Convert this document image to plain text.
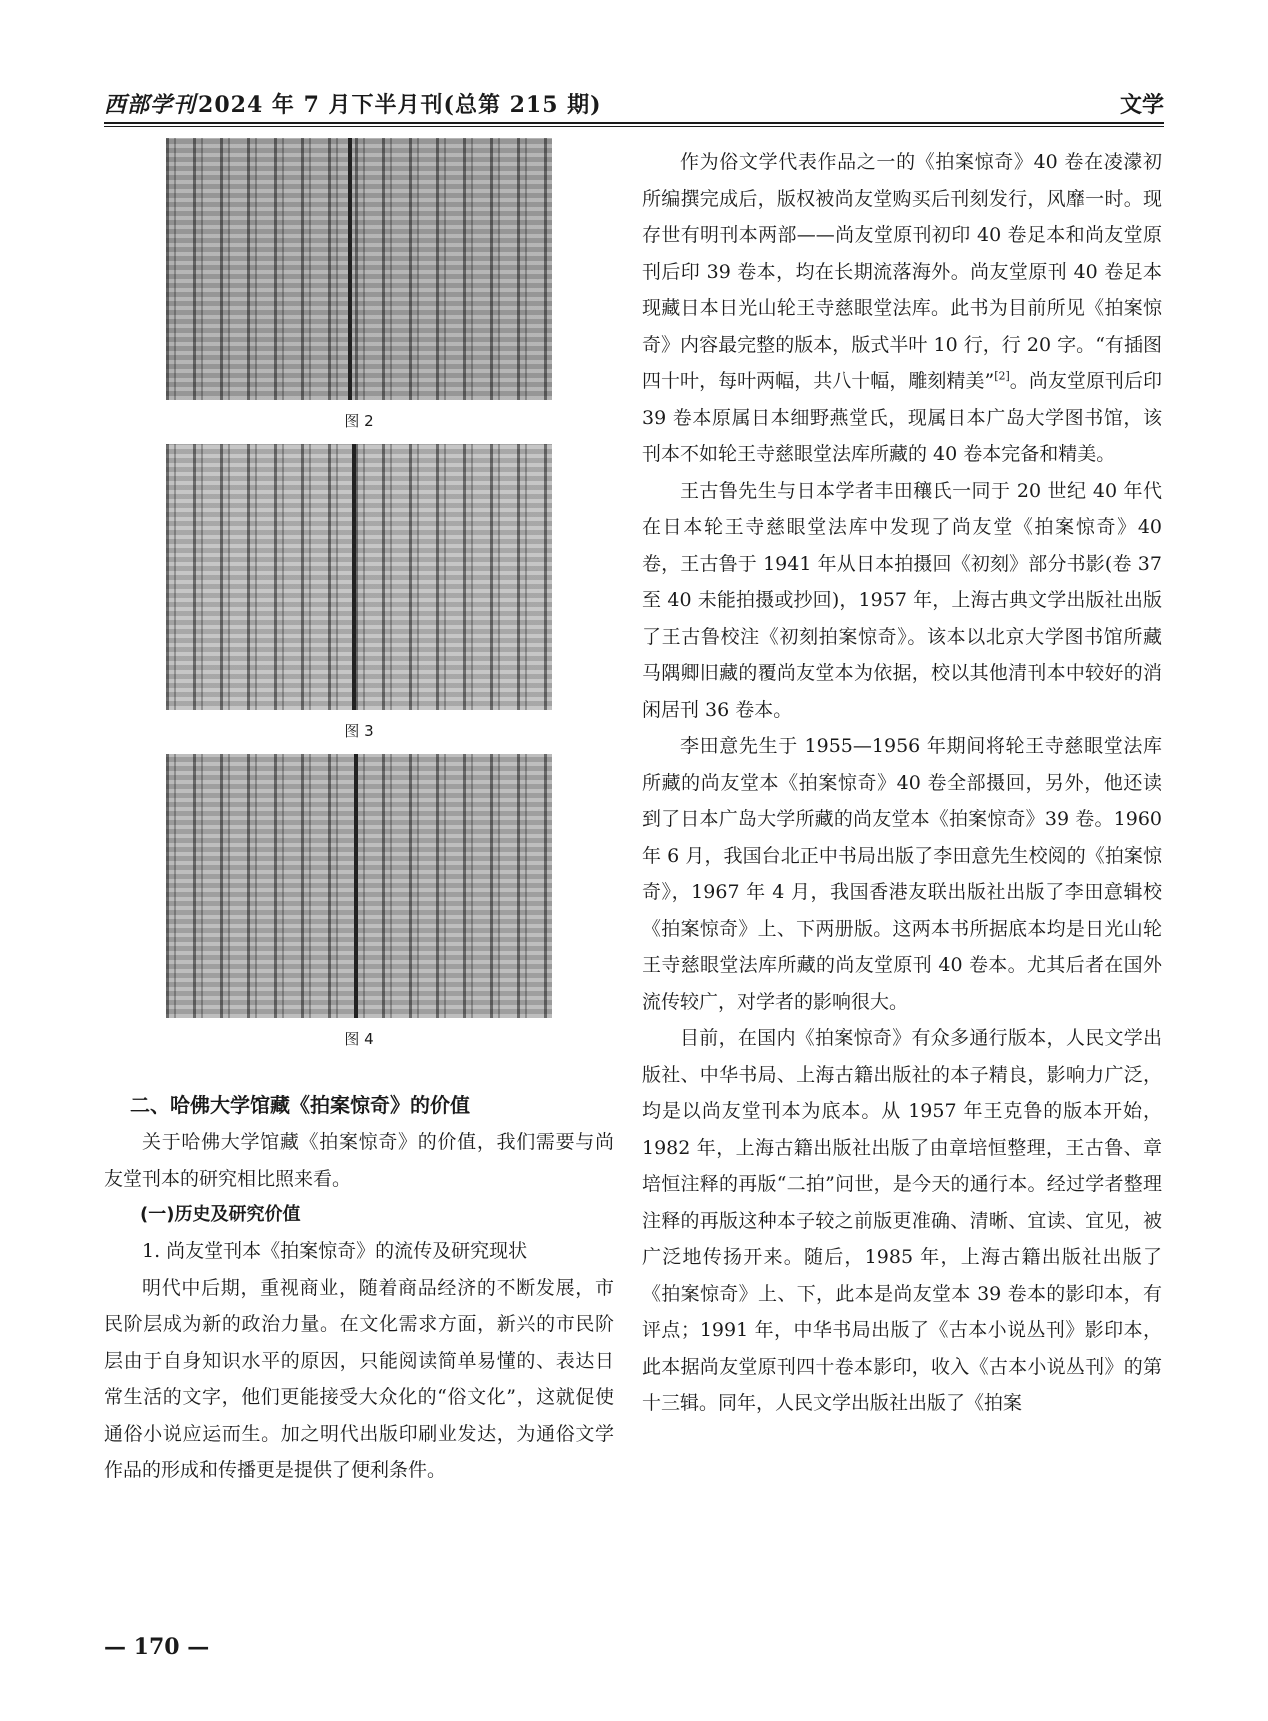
西部学刊2024 年 7 月下半月刊(总第 215 期)	文学
图 2
图 3
图 4

二、哈佛大学馆藏《拍案惊奇》的价值

关于哈佛大学馆藏《拍案惊奇》的价值，我们需要与尚友堂刊本的研究相比照来看。

(一)历史及研究价值

1. 尚友堂刊本《拍案惊奇》的流传及研究现状

明代中后期，重视商业，随着商品经济的不断发展，市民阶层成为新的政治力量。在文化需求方面，新兴的市民阶层由于自身知识水平的原因，只能阅读简单易懂的、表达日常生活的文字，他们更能接受大众化的“俗文化”，这就促使通俗小说应运而生。加之明代出版印刷业发达，为通俗文学作品的形成和传播更是提供了便利条件。

作为俗文学代表作品之一的《拍案惊奇》40 卷在凌濛初所编撰完成后，版权被尚友堂购买后刊刻发行，风靡一时。现存世有明刊本两部——尚友堂原刊初印 40 卷足本和尚友堂原刊后印 39 卷本，均在长期流落海外。尚友堂原刊 40 卷足本现藏日本日光山轮王寺慈眼堂法库。此书为目前所见《拍案惊奇》内容最完整的版本，版式半叶 10 行，行 20 字。“有插图四十叶，每叶两幅，共八十幅，雕刻精美”[2]。尚友堂原刊后印 39 卷本原属日本细野燕堂氏，现属日本广岛大学图书馆，该刊本不如轮王寺慈眼堂法库所藏的 40 卷本完备和精美。

王古鲁先生与日本学者丰田穰氏一同于 20 世纪 40 年代在日本轮王寺慈眼堂法库中发现了尚友堂《拍案惊奇》40 卷，王古鲁于 1941 年从日本拍摄回《初刻》部分书影(卷 37 至 40 未能拍摄或抄回)，1957 年，上海古典文学出版社出版了王古鲁校注《初刻拍案惊奇》。该本以北京大学图书馆所藏马隅卿旧藏的覆尚友堂本为依据，校以其他清刊本中较好的消闲居刊 36 卷本。

李田意先生于 1955—1956 年期间将轮王寺慈眼堂法库所藏的尚友堂本《拍案惊奇》40 卷全部摄回，另外，他还读到了日本广岛大学所藏的尚友堂本《拍案惊奇》39 卷。1960 年 6 月，我国台北正中书局出版了李田意先生校阅的《拍案惊奇》，1967 年 4 月，我国香港友联出版社出版了李田意辑校《拍案惊奇》上、下两册版。这两本书所据底本均是日光山轮王寺慈眼堂法库所藏的尚友堂原刊 40 卷本。尤其后者在国外流传较广，对学者的影响很大。

目前，在国内《拍案惊奇》有众多通行版本，人民文学出版社、中华书局、上海古籍出版社的本子精良，影响力广泛，均是以尚友堂刊本为底本。从 1957 年王克鲁的版本开始，1982 年，上海古籍出版社出版了由章培恒整理，王古鲁、章培恒注释的再版“二拍”问世，是今天的通行本。经过学者整理注释的再版这种本子较之前版更准确、清晰、宜读、宜见，被广泛地传扬开来。随后，1985 年，上海古籍出版社出版了《拍案惊奇》上、下，此本是尚友堂本 39 卷本的影印本，有评点；1991 年，中华书局出版了《古本小说丛刊》影印本，此本据尚友堂原刊四十卷本影印，收入《古本小说丛刊》的第十三辑。同年，人民文学出版社出版了《拍案

— 170 —
